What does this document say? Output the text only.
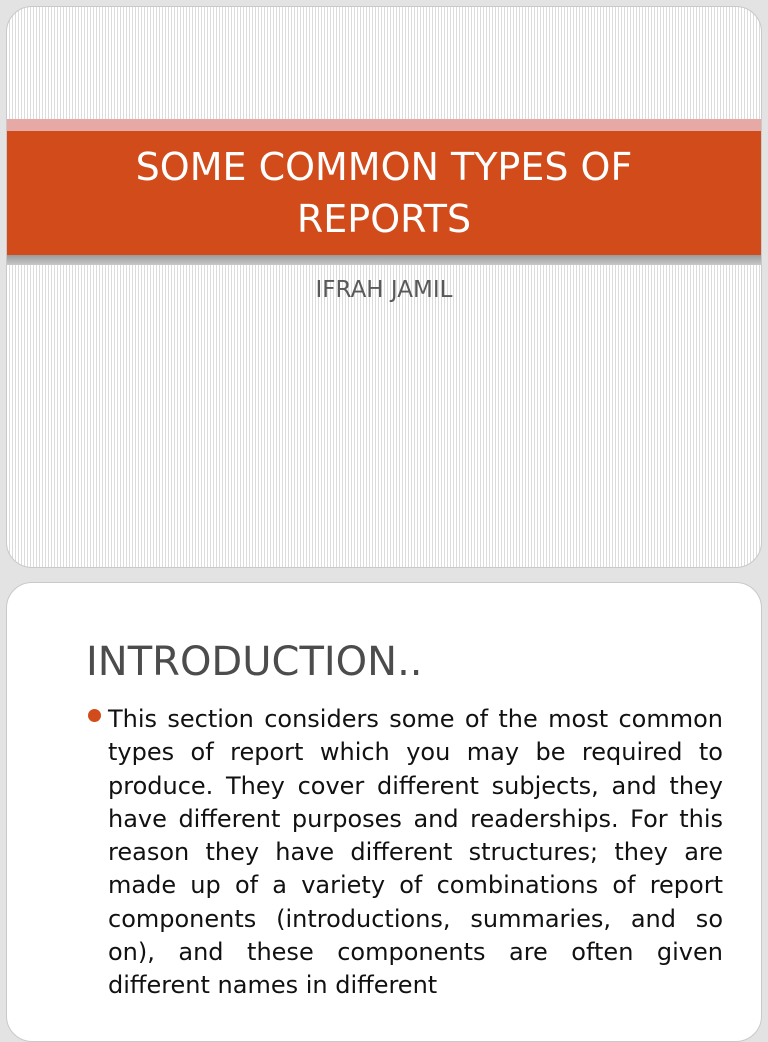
SOME COMMON TYPES OF REPORTS
IFRAH JAMIL
INTRODUCTION..
This section considers some of the most common types of report which you may be required to produce. They cover different subjects, and they have different purposes and readerships. For this reason they have different structures; they are made up of a variety of combinations of report components (introductions, summaries, and so on), and these components are often given different names in different
